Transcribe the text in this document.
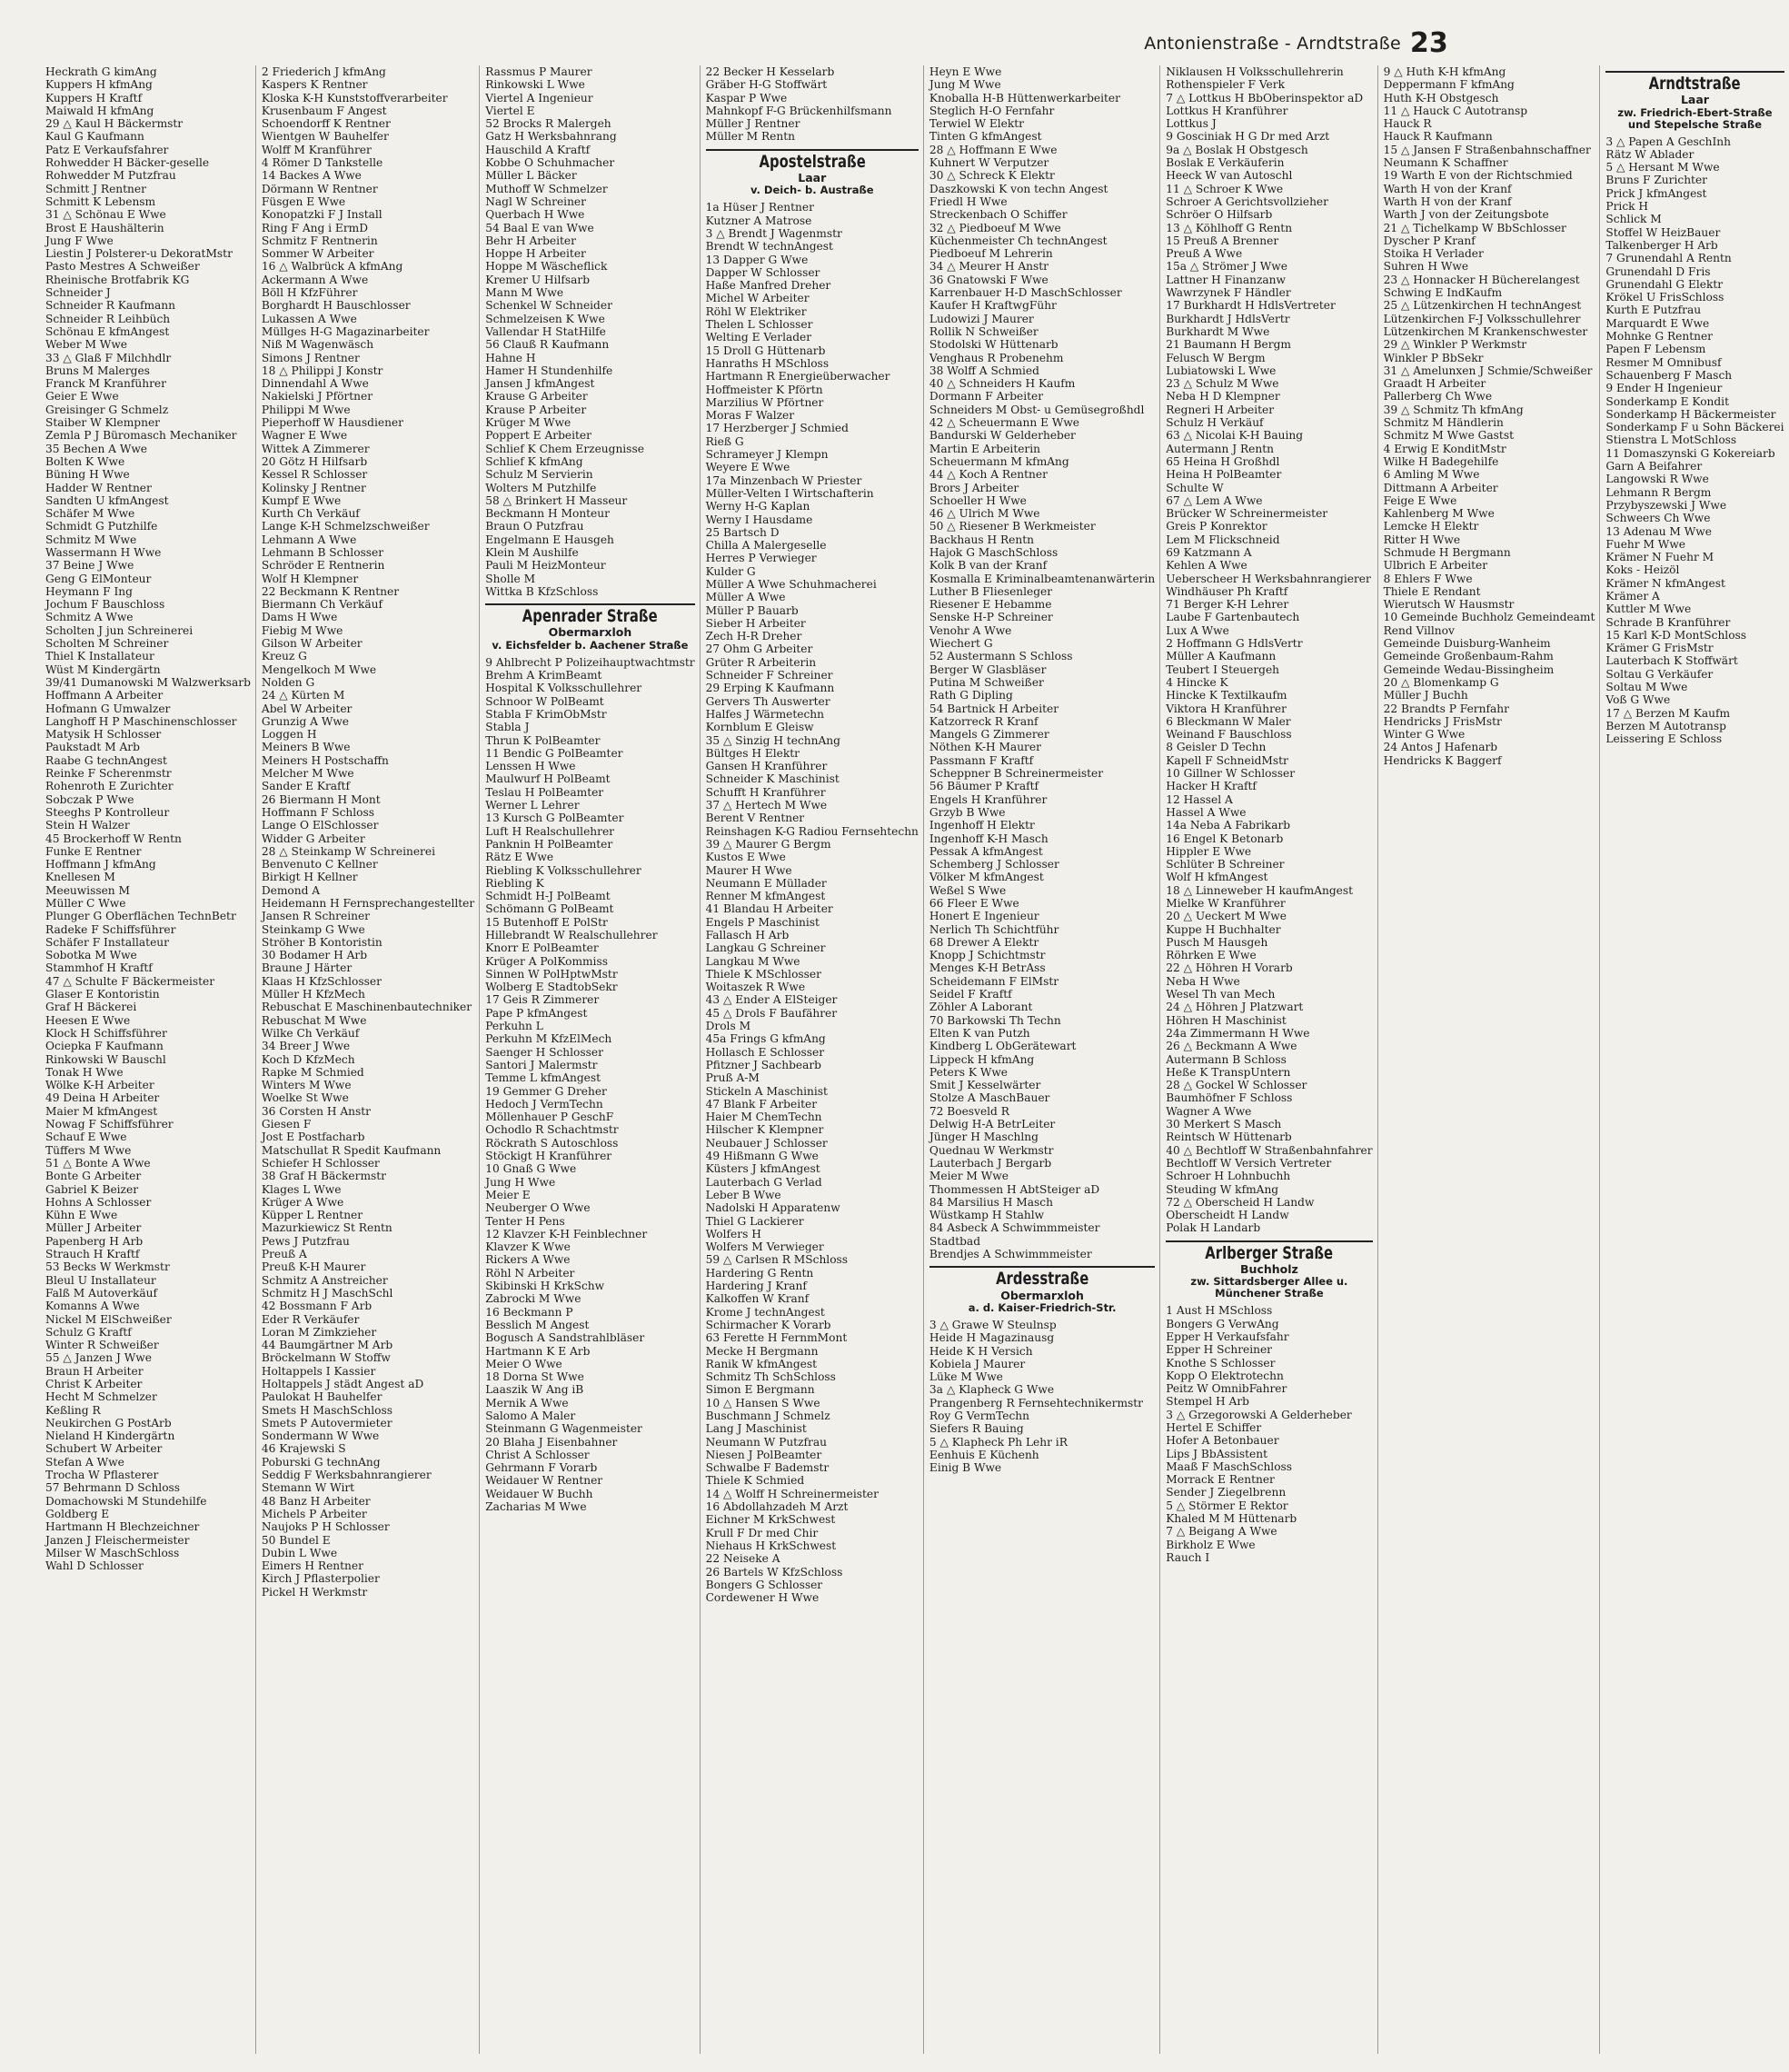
Antonienstraße - Arndtstraße 23
Heckrath G kimAng
Kuppers H kfmAng
Kuppers H Kraftf
Maiwald H kfmAng
29 △ Kaul H Bäckermstr
Kaul G Kaufmann
Patz E Verkaufsfahrer
Rohwedder H Bäcker-geselle
Rohwedder M Putzfrau
Schmitt J Rentner
Schmitt K Lebensm
31 △ Schönau E Wwe
Brost E Haushälterin
Jung F Wwe
Liestin J Polsterer-u DekoratMstr
Pasto Mestres A Schweißer
Rheinische Brotfabrik KG
Schneider J
Schneider R Kaufmann
Schneider R Leihbüch
Schönau E kfmAngest
Weber M Wwe
33 △ Glaß F Milchhdlr
Bruns M Malerges
Franck M Kranführer
Geier E Wwe
Greisinger G Schmelz
Staiber W Klempner
Zemla P J Büromasch Mechaniker
35 Bechen A Wwe
Bolten K Wwe
Büning H Wwe
Hadder W Rentner
Sandten U kfmAngest
Schäfer M Wwe
Schmidt G Putzhilfe
Schmitz M Wwe
Wassermann H Wwe
37 Beine J Wwe
Geng G ElMonteur
Heymann F Ing
Jochum F Bauschloss
Schmitz A Wwe
Scholten J jun Schreinerei
Scholten M Schreiner
Thiel K Installateur
Wüst M Kindergärtn
39/41 Dumanowski M Walzwerksarb
Hoffmann A Arbeiter
Hofmann G Umwalzer
Langhoff H P Maschinenschlosser
Matysik H Schlosser
Paukstadt M Arb
Raabe G technAngest
Reinke F Scherenmstr
Rohenroth E Zurichter
Sobczak P Wwe
Steeghs P Kontrolleur
Stein H Walzer
45 Brockerhoff W Rentn
Funke E Rentner
Hoffmann J kfmAng
Knellesen M
Meeuwissen M
Müller C Wwe
Plunger G Oberflächen TechnBetr
Radeke F Schiffsführer
Schäfer F Installateur
Sobotka M Wwe
Stammhof H Kraftf
47 △ Schulte F Bäckermeister
Glaser E Kontoristin
Graf H Bäckerei
Heesen E Wwe
Klock H Schiffsführer
Ociepka F Kaufmann
Rinkowski W Bauschl
Tonak H Wwe
Wölke K-H Arbeiter
49 Deina H Arbeiter
Maier M kfmAngest
Nowag F Schiffsführer
Schauf E Wwe
Tüffers M Wwe
51 △ Bonte A Wwe
Bonte G Arbeiter
Gabriel K Beizer
Hohns A Schlosser
Kühn E Wwe
Müller J Arbeiter
Papenberg H Arb
Strauch H Kraftf
53 Becks W Werkmstr
Bleul U Installateur
Falß M Autoverkäuf
Komanns A Wwe
Nickel M ElSchweißer
Schulz G Kraftf
Winter R Schweißer
55 △ Janzen J Wwe
Braun H Arbeiter
Christ K Arbeiter
Hecht M Schmelzer
Keßling R
Neukirchen G PostArb
Nieland H Kindergärtn
Schubert W Arbeiter
Stefan A Wwe
Trocha W Pflasterer
57 Behrmann D Schloss
Domachowski M Stundehilfe
Goldberg E
Hartmann H Blechzeichner
Janzen J Fleischermeister
Milser W MaschSchloss
Wahl D Schlosser
2 Friederich J kfmAng
Kaspers K Rentner
Kloska K-H Kunststoffverarbeiter
Krusenbaum F Angest
Schoendorff K Rentner
Wientgen W Bauhelfer
Wolff M Kranführer
4 Römer D Tankstelle
14 Backes A Wwe
Dörmann W Rentner
Füsgen E Wwe
Konopatzki F J Install
Ring F Ang i ErmD
Schmitz F Rentnerin
Sommer W Arbeiter
16 △ Walbrück A kfmAng
Ackermann A Wwe
Böll H KfzFührer
Borghardt H Bauschlosser
Lukassen A Wwe
Müllges H-G Magazinarbeiter
Niß M Wagenwäsch
Simons J Rentner
18 △ Philippi J Konstr
Dinnendahl A Wwe
Nakielski J Pförtner
Philippi M Wwe
Pieperhoff W Hausdiener
Wagner E Wwe
Wittek A Zimmerer
20 Götz H Hilfsarb
Kessel R Schlosser
Kolinsky J Rentner
Kumpf E Wwe
Kurth Ch Verkäuf
Lange K-H Schmelzschweißer
Lehmann A Wwe
Lehmann B Schlosser
Schröder E Rentnerin
Wolf H Klempner
22 Beckmann K Rentner
Biermann Ch Verkäuf
Dams H Wwe
Fiebig M Wwe
Gilson W Arbeiter
Kreuz G
Mengelkoch M Wwe
Nolden G
24 △ Kürten M
Abel W Arbeiter
Grunzig A Wwe
Loggen H
Meiners B Wwe
Meiners H Postschaffn
Melcher M Wwe
Sander E Kraftf
26 Biermann H Mont
Hoffmann F Schloss
Lange O ElSchlosser
Widder G Arbeiter
28 △ Steinkamp W Schreinerei
Benvenuto C Kellner
Birkigt H Kellner
Demond A
Heidemann H Fernsprechangestellter
Jansen R Schreiner
Steinkamp G Wwe
Ströher B Kontoristin
30 Bodamer H Arb
Braune J Härter
Klaas H KfzSchlosser
Müller H KfzMech
Rebuschat E Maschinenbautechniker
Rebuschat M Wwe
Wilke Ch Verkäuf
34 Breer J Wwe
Koch D KfzMech
Rapke M Schmied
Winters M Wwe
Woelke St Wwe
36 Corsten H Anstr
Giesen F
Jost E Postfacharb
Matschullat R Spedit Kaufmann
Schiefer H Schlosser
38 Graf H Bäckermstr
Klages L Wwe
Krüger A Wwe
Küpper L Rentner
Mazurkiewicz St Rentn
Pews J Putzfrau
Preuß A
Preuß K-H Maurer
Schmitz A Anstreicher
Schmitz H J MaschSchl
42 Bossmann F Arb
Eder R Verkäufer
Loran M Zimkzieher
44 Baumgärtner M Arb
Bröckelmann W Stoffw
Holtappels I Kassier
Holtappels J städt Angest aD
Paulokat H Bauhelfer
Smets H MaschSchloss
Smets P Autovermieter
Sondermann W Wwe
46 Krajewski S
Poburski G technAng
Seddig F Werksbahnrangierer
Stemann W Wirt
48 Banz H Arbeiter
Michels P Arbeiter
Naujoks P H Schlosser
50 Bundel E
Dubin L Wwe
Eimers H Rentner
Kirch J Pflasterpolier
Pickel H Werkmstr
Rassmus P Maurer
Rinkowski L Wwe
Viertel A Ingenieur
Viertel E
52 Brocks R Malergeh
Gatz H Werksbahnrang
Hauschild A Kraftf
Kobbe O Schuhmacher
Müller L Bäcker
Muthoff W Schmelzer
Nagl W Schreiner
Querbach H Wwe
54 Baal E van Wwe
Behr H Arbeiter
Hoppe H Arbeiter
Hoppe M Wäscheflick
Kremer U Hilfsarb
Mann M Wwe
Schenkel W Schneider
Schmelzeisen K Wwe
Vallendar H StatHilfe
56 Clauß R Kaufmann
Hahne H
Hamer H Stundenhilfe
Jansen J kfmAngest
Krause G Arbeiter
Krause P Arbeiter
Krüger M Wwe
Poppert E Arbeiter
Schlief K Chem Erzeugnisse
Schlief K kfmAng
Schulz M Servierin
Wolters M Putzhilfe
58 △ Brinkert H Masseur
Beckmann H Monteur
Braun O Putzfrau
Engelmann E Hausgeh
Klein M Aushilfe
Pauli M HeizMonteur
Sholle M
Wittka B KfzSchloss
Apenrader Straße
Obermarxloh
v. Eichsfelder b. Aachener Straße
9 Ahlbrecht P Polizeihauptwachtmstr
Brehm A KrimBeamt
Hospital K Volksschullehrer
Schnoor W PolBeamt
Stabla F KrimObMstr
Stabla J
Thrun K PolBeamter
11 Bendic G PolBeamter
Lenssen H Wwe
Maulwurf H PolBeamt
Teslau H PolBeamter
Werner L Lehrer
13 Kursch G PolBeamter
Luft H Realschullehrer
Panknin H PolBeamter
Rätz E Wwe
Riebling K Volksschullehrer
Riebling K
Schmidt H-J PolBeamt
Schömann G PolBeamt
15 Butenhoff E PolStr
Hillebrandt W Realschullehrer
Knorr E PolBeamter
Krüger A PolKommiss
Sinnen W PolHptwMstr
Wolberg E StadtobSekr
17 Geis R Zimmerer
Pape P kfmAngest
Perkuhn L
Perkuhn M KfzElMech
Saenger H Schlosser
Santori J Malermstr
Temme L kfmAngest
19 Gemmer G Dreher
Hedoch J VermTechn
Möllenhauer P GeschF
Ochodlo R Schachtmstr
Röckrath S Autoschloss
Stöckigt H Kranführer
10 Gnaß G Wwe
Jung H Wwe
Meier E
Neuberger O Wwe
Tenter H Pens
12 Klavzer K-H Feinblechner
Klavzer K Wwe
Rickers A Wwe
Röhl N Arbeiter
Skibinski H KrkSchw
Zabrocki M Wwe
16 Beckmann P
Besslich M Angest
Bogusch A Sandstrahlbläser
Hartmann K E Arb
Meier O Wwe
18 Dorna St Wwe
Laaszik W Ang iB
Mernik A Wwe
Salomo A Maler
Steinmann G Wagenmeister
20 Blaha J Eisenbahner
Christ A Schlosser
Gehrmann F Vorarb
Weidauer W Rentner
Weidauer W Buchh
Zacharias M Wwe
22 Becker H Kesselarb
Gräber H-G Stoffwärt
Kaspar P Wwe
Mahnkopf F-G Brückenhilfsmann
Müller J Rentner
Müller M Rentn
Apostelstraße
Laar
v. Deich- b. Austraße
1a Hüser J Rentner
Kutzner A Matrose
3 △ Brendt J Wagenmstr
Brendt W technAngest
13 Dapper G Wwe
Dapper W Schlosser
Haße Manfred Dreher
Michel W Arbeiter
Röhl W Elektriker
Thelen L Schlosser
Welting E Verlader
15 Droll G Hüttenarb
Hanraths H MSchloss
Hartmann R Energieüberwacher
Hoffmeister K Pförtn
Marzilius W Pförtner
Moras F Walzer
17 Herzberger J Schmied
Rieß G
Schrameyer J Klempn
Weyere E Wwe
17a Minzenbach W Priester
Müller-Velten I Wirtschafterin
Werny H-G Kaplan
Werny I Hausdame
25 Bartsch D
Chilla A Malergeselle
Herres P Verwieger
Kulder G
Müller A Wwe Schuhmacherei
Müller A Wwe
Müller P Bauarb
Sieber H Arbeiter
Zech H-R Dreher
27 Ohm G Arbeiter
Grüter R Arbeiterin
Schneider F Schreiner
29 Erping K Kaufmann
Gervers Th Auswerter
Halfes J Wärmetechn
Kornblum E Gleisw
35 △ Sinzig H technAng
Bültges H Elektr
Gansen H Kranführer
Schneider K Maschinist
Schufft H Kranführer
37 △ Hertech M Wwe
Berent V Rentner
Reinshagen K-G Radiou Fernsehtechn
39 △ Maurer G Bergm
Kustos E Wwe
Maurer H Wwe
Neumann E Müllader
Renner M kfmAngest
41 Blandau H Arbeiter
Engels P Maschinist
Fallasch H Arb
Langkau G Schreiner
Langkau M Wwe
Thiele K MSchlosser
Woitaszek R Wwe
43 △ Ender A ElSteiger
45 △ Drols F Baufährer
Drols M
45a Frings G kfmAng
Hollasch E Schlosser
Pfitzner J Sachbearb
Pruß A-M
Stickeln A Maschinist
47 Blank F Arbeiter
Haier M ChemTechn
Hilscher K Klempner
Neubauer J Schlosser
49 Hißmann G Wwe
Küsters J kfmAngest
Lauterbach G Verlad
Leber B Wwe
Nadolski H Apparatenw
Thiel G Lackierer
Wolfers H
Wolfers M Verwieger
59 △ Carlsen R MSchloss
Hardering G Rentn
Hardering J Kranf
Kalkoffen W Kranf
Krome J technAngest
Schirmacher K Vorarb
63 Ferette H FernmMont
Mecke H Bergmann
Ranik W kfmAngest
Schmitz Th SchSchloss
Simon E Bergmann
10 △ Hansen S Wwe
Buschmann J Schmelz
Lang J Maschinist
Neumann W Putzfrau
Niesen J PolBeamter
Schwalbe F Bademstr
Thiele K Schmied
14 △ Wolff H Schreinermeister
16 Abdollahzadeh M Arzt
Eichner M KrkSchwest
Krull F Dr med Chir
Niehaus H KrkSchwest
22 Neiseke A
26 Bartels W KfzSchloss
Bongers G Schlosser
Cordewener H Wwe
Heyn E Wwe
Jung M Wwe
Knoballa H-B Hüttenwerkarbeiter
Steglich H-O Fernfahr
Terwiel W Elektr
Tinten G kfmAngest
28 △ Hoffmann E Wwe
Kuhnert W Verputzer
30 △ Schreck K Elektr
Daszkowski K von techn Angest
Friedl H Wwe
Streckenbach O Schiffer
32 △ Piedboeuf M Wwe
Küchenmeister Ch technAngest
Piedboeuf M Lehrerin
34 △ Meurer H Anstr
36 Gnatowski F Wwe
Karrenbauer H-D MaschSchlosser
Kaufer H KraftwgFühr
Ludowizi J Maurer
Rollik N Schweißer
Stodolski W Hüttenarb
Venghaus R Probenehm
38 Wolff A Schmied
40 △ Schneiders H Kaufm
Dormann F Arbeiter
Schneiders M Obst- u Gemüsegroßhdl
42 △ Scheuermann E Wwe
Bandurski W Gelderheber
Martin E Arbeiterin
Scheuermann M kfmAng
44 △ Koch A Rentner
Brors J Arbeiter
Schoeller H Wwe
46 △ Ulrich M Wwe
50 △ Riesener B Werkmeister
Backhaus H Rentn
Hajok G MaschSchloss
Kolk B van der Kranf
Kosmalla E Kriminalbeamtenanwärterin
Luther B Fliesenleger
Riesener E Hebamme
Senske H-P Schreiner
Venohr A Wwe
Wiechert G
52 Austermann S Schloss
Berger W Glasbläser
Putina M Schweißer
Rath G Dipling
54 Bartnick H Arbeiter
Katzorreck R Kranf
Mangels G Zimmerer
Nöthen K-H Maurer
Passmann F Kraftf
Scheppner B Schreinermeister
56 Bäumer P Kraftf
Engels H Kranführer
Grzyb B Wwe
Ingenhoff H Elektr
Ingenhoff K-H Masch
Pessak A kfmAngest
Schemberg J Schlosser
Völker M kfmAngest
Weßel S Wwe
66 Fleer E Wwe
Honert E Ingenieur
Nerlich Th Schichtführ
68 Drewer A Elektr
Knopp J Schichtmstr
Menges K-H BetrAss
Scheidemann F ElMstr
Seidel F Kraftf
Zöhler A Laborant
70 Barkowski Th Techn
Elten K van Putzh
Kindberg L ObGerätewart
Lippeck H kfmAng
Peters K Wwe
Smit J Kesselwärter
Stolze A MaschBauer
72 Boesveld R
Delwig H-A BetrLeiter
Jünger H Maschlng
Quednau W Werkmstr
Lauterbach J Bergarb
Meier M Wwe
Thommessen H AbtSteiger aD
84 Marsilius H Masch
Wüstkamp H Stahlw
84 Asbeck A Schwimmmeister
Stadtbad
Brendjes A Schwimmmeister
Ardesstraße
Obermarxloh
a. d. Kaiser-Friedrich-Str.
3 △ Grawe W Steulnsp
Heide H Magazinausg
Heide K H Versich
Kobiela J Maurer
Lüke M Wwe
3a △ Klapheck G Wwe
Prangenberg R Fernsehtechnikermstr
Roy G VermTechn
Siefers R Bauing
5 △ Klapheck Ph Lehr iR
Eenhuis E Küchenh
Einig B Wwe
Niklausen H Volksschullehrerin
Rothenspieler F Verk
7 △ Lottkus H BbOberinspektor aD
Lottkus H Kranführer
Lottkus J
9 Gosciniak H G Dr med Arzt
9a △ Boslak H Obstgesch
Boslak E Verkäuferin
Heeck W van Autoschl
11 △ Schroer K Wwe
Schroer A Gerichtsvollzieher
Schröer O Hilfsarb
13 △ Köhlhoff G Rentn
15 Preuß A Brenner
Preuß A Wwe
15a △ Strömer J Wwe
Lattner H Finanzanw
Wawrzynek F Händler
17 Burkhardt H HdlsVertreter
Burkhardt J HdlsVertr
Burkhardt M Wwe
21 Baumann H Bergm
Felusch W Bergm
Lubiatowski L Wwe
23 △ Schulz M Wwe
Neba H D Klempner
Regneri H Arbeiter
Schulz H Verkäuf
63 △ Nicolai K-H Bauing
Autermann J Rentn
65 Heina H Großhdl
Heina H PolBeamter
Schulte W
67 △ Lem A Wwe
Brücker W Schreinermeister
Greis P Konrektor
Lem M Flickschneid
69 Katzmann A
Kehlen A Wwe
Ueberscheer H Werksbahnrangierer
Windhäuser Ph Kraftf
71 Berger K-H Lehrer
Laube F Gartenbautech
Lux A Wwe
2 Hoffmann G HdlsVertr
Müller A Kaufmann
Teubert I Steuergeh
4 Hincke K
Hincke K Textilkaufm
Viktora H Kranführer
6 Bleckmann W Maler
Weinand F Bauschloss
8 Geisler D Techn
Kapell F SchneidMstr
10 Gillner W Schlosser
Hacker H Kraftf
12 Hassel A
Hassel A Wwe
14a Neba A Fabrikarb
16 Engel K Betonarb
Hippler E Wwe
Schlüter B Schreiner
Wolf H kfmAngest
18 △ Linneweber H kaufmAngest
Mielke W Kranführer
20 △ Ueckert M Wwe
Kuppe H Buchhalter
Pusch M Hausgeh
Röhrken E Wwe
22 △ Höhren H Vorarb
Neba H Wwe
Wesel Th van Mech
24 △ Höhren J Platzwart
Höhren H Maschinist
24a Zimmermann H Wwe
26 △ Beckmann A Wwe
Autermann B Schloss
Heße K TranspUntern
28 △ Gockel W Schlosser
Baumhöfner F Schloss
Wagner A Wwe
30 Merkert S Masch
Reintsch W Hüttenarb
40 △ Bechtloff W Straßenbahnfahrer
Bechtloff W Versich Vertreter
Schroer H Lohnbuchh
Steuding W kfmAng
72 △ Oberscheid H Landw
Oberscheidt H Landw
Polak H Landarb
Arlberger Straße
Buchholz
zw. Sittardsberger Allee u. Münchener Straße
1 Aust H MSchloss
Bongers G VerwAng
Epper H Verkaufsfahr
Epper H Schreiner
Knothe S Schlosser
Kopp O Elektrotechn
Peitz W OmnibFahrer
Stempel H Arb
3 △ Grzegorowski A Gelderheber
Hertel E Schiffer
Hofer A Betonbauer
Lips J BbAssistent
Maaß F MaschSchloss
Morrack E Rentner
Sender J Ziegelbrenn
5 △ Störmer E Rektor
Khaled M M Hüttenarb
7 △ Beigang A Wwe
Birkholz E Wwe
Rauch I
9 △ Huth K-H kfmAng
Deppermann F kfmAng
Huth K-H Obstgesch
11 △ Hauck C Autotransp
Hauck R
Hauck R Kaufmann
15 △ Jansen F Straßenbahnschaffner
Neumann K Schaffner
19 Warth E von der Richtschmied
Warth H von der Kranf
Warth H von der Kranf
Warth J von der Zeitungsbote
21 △ Tichelkamp W BbSchlosser
Dyscher P Kranf
Stoika H Verlader
Suhren H Wwe
23 △ Honnacker H Bücherelangest
Schwing E IndKaufm
25 △ Lützenkirchen H technAngest
Lützenkirchen F-J Volksschullehrer
Lützenkirchen M Krankenschwester
29 △ Winkler P Werkmstr
Winkler P BbSekr
31 △ Amelunxen J Schmie/Schweißer
Graadt H Arbeiter
Pallerberg Ch Wwe
39 △ Schmitz Th kfmAng
Schmitz M Händlerin
Schmitz M Wwe Gastst
4 Erwig E KonditMstr
Wilke H Badegehilfe
6 Amling M Wwe
Dittmann A Arbeiter
Feige E Wwe
Kahlenberg M Wwe
Lemcke H Elektr
Ritter H Wwe
Schmude H Bergmann
Ulbrich E Arbeiter
8 Ehlers F Wwe
Thiele E Rendant
Wierutsch W Hausmstr
10 Gemeinde Buchholz Gemeindeamt
Rend Villnov
Gemeinde Duisburg-Wanheim
Gemeinde Großenbaum-Rahm
Gemeinde Wedau-Bissingheim
20 △ Blomenkamp G
Müller J Buchh
22 Brandts P Fernfahr
Hendricks J FrisMstr
Winter G Wwe
24 Antos J Hafenarb
Hendricks K Baggerf
Arndtstraße
Laar
zw. Friedrich-Ebert-Straße und Stepelsche Straße
3 △ Papen A GeschInh
Rätz W Ablader
5 △ Hersant M Wwe
Bruns F Zurichter
Prick J kfmAngest
Prick H
Schlick M
Stoffel W HeizBauer
Talkenberger H Arb
7 Grunendahl A Rentn
Grunendahl D Fris
Grunendahl G Elektr
Krökel U FrisSchloss
Kurth E Putzfrau
Marquardt E Wwe
Mohnke G Rentner
Papen F Lebensm
Resmer M Omnibusf
Schauenberg F Masch
9 Ender H Ingenieur
Sonderkamp E Kondit
Sonderkamp H Bäckermeister
Sonderkamp F u Sohn Bäckerei
Stienstra L MotSchloss
11 Domaszynski G Kokereiarb
Garn A Beifahrer
Langowski R Wwe
Lehmann R Bergm
Przybyszewski J Wwe
Schweers Ch Wwe
13 Adenau M Wwe
Fuehr M Wwe
Krämer N Fuehr M
Koks - Heizöl
Krämer N kfmAngest
Krämer A
Kuttler M Wwe
Schrade B Kranführer
15 Karl K-D MontSchloss
Krämer G FrisMstr
Lauterbach K Stoffwärt
Soltau G Verkäufer
Soltau M Wwe
Voß G Wwe
17 △ Berzen M Kaufm
Berzen M Autotransp
Leissering E Schloss
